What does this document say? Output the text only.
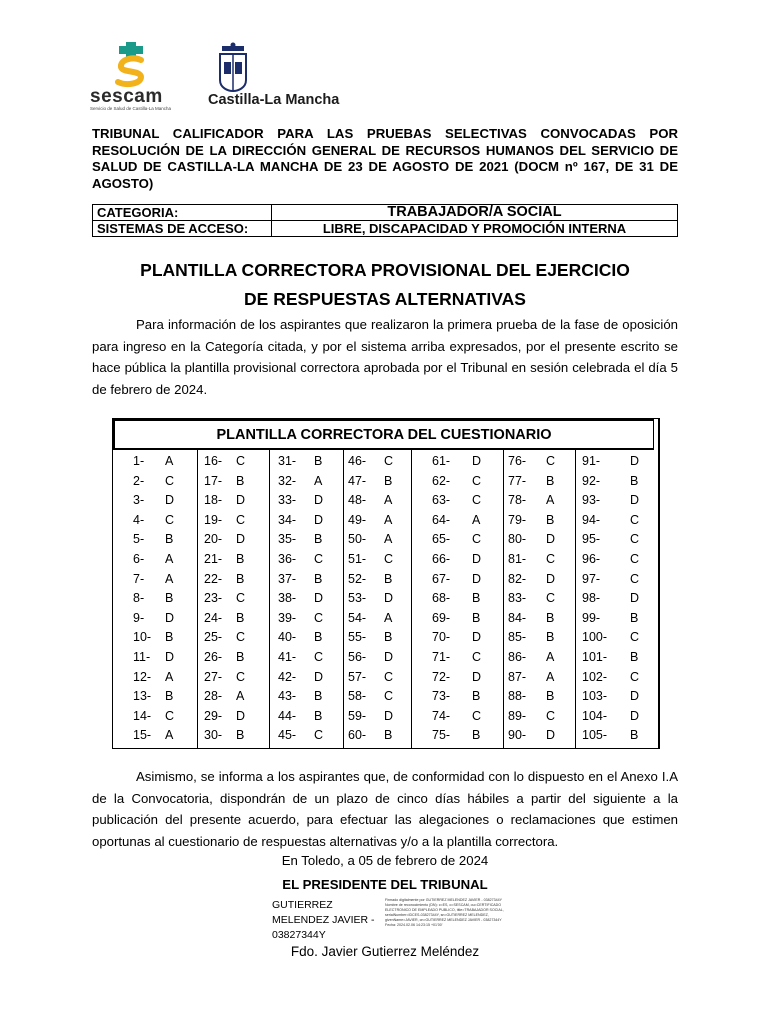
sescam
Servicio de Salud de Castilla-La Mancha
Castilla-La Mancha
TRIBUNAL CALIFICADOR PARA LAS PRUEBAS SELECTIVAS CONVOCADAS POR RESOLUCIÓN DE LA DIRECCIÓN GENERAL DE RECURSOS HUMANOS DEL SERVICIO DE SALUD DE CASTILLA-LA MANCHA DE 23 DE AGOSTO DE 2021 (DOCM nº 167, DE 31 DE AGOSTO)
CATEGORIA:	TRABAJADOR/A SOCIAL
SISTEMAS DE ACCESO:	LIBRE, DISCAPACIDAD Y PROMOCIÓN INTERNA
PLANTILLA CORRECTORA PROVISIONAL DEL EJERCICIO
DE RESPUESTAS ALTERNATIVAS
Para información de los aspirantes que realizaron la primera prueba de la fase de oposición para ingreso en la Categoría citada, y por el sistema arriba expresados, por el presente escrito se hace pública la plantilla provisional correctora aprobada por el Tribunal en sesión celebrada el día 5 de febrero de 2024.
PLANTILLA CORRECTORA DEL CUESTIONARIO
1- A
2- C
3- D
4- C
5- B
6- A
7- A
8- B
9- D
10- B
11- D
12- A
13- B
14- C
15- A
16- C
17- B
18- D
19- C
20- D
21- B
22- B
23- C
24- B
25- C
26- B
27- C
28- A
29- D
30- B
31- B
32- A
33- D
34- D
35- B
36- C
37- B
38- D
39- C
40- B
41- C
42- D
43- B
44- B
45- C
46- C
47- B
48- A
49- A
50- A
51- C
52- B
53- D
54- A
55- B
56- D
57- C
58- C
59- D
60- B
61- D
62- C
63- C
64- A
65- C
66- D
67- D
68- B
69- B
70- D
71- C
72- D
73- B
74- C
75- B
76- C
77- B
78- A
79- B
80- D
81- C
82- D
83- C
84- B
85- B
86- A
87- A
88- B
89- C
90- D
91- D
92- B
93- D
94- C
95- C
96- C
97- C
98- D
99- B
100- C
101- B
102- C
103- D
104- D
105- B
Asimismo, se informa a los aspirantes que, de conformidad con lo dispuesto en el Anexo I.A de la Convocatoria, dispondrán de un plazo de cinco días hábiles a partir del siguiente a la publicación del presente acuerdo, para efectuar las alegaciones o reclamaciones que estimen oportunas al cuestionario de respuestas alternativas y/o a la plantilla correctora.
En Toledo, a 05 de febrero de 2024
EL PRESIDENTE DEL TRIBUNAL
GUTIERREZ MELENDEZ JAVIER - 03827344Y
Firmado digitalmente por GUTIERREZ MELENDEZ JAVIER - 03827344Y Nombre de reconocimiento (DN): c=ES, o=SESCAM, ou=CERTIFICADO ELECTRONICO DE EMPLEADO PUBLICO, title=TRABAJADOR SOCIAL, serialNumber=IDCES-03827344Y, sn=GUTIERREZ MELENDEZ, givenName=JAVIER, cn=GUTIERREZ MELENDEZ JAVIER - 03827344Y Fecha: 2024.02.06 14:23:15 +01'00'
Fdo. Javier Gutierrez Meléndez
